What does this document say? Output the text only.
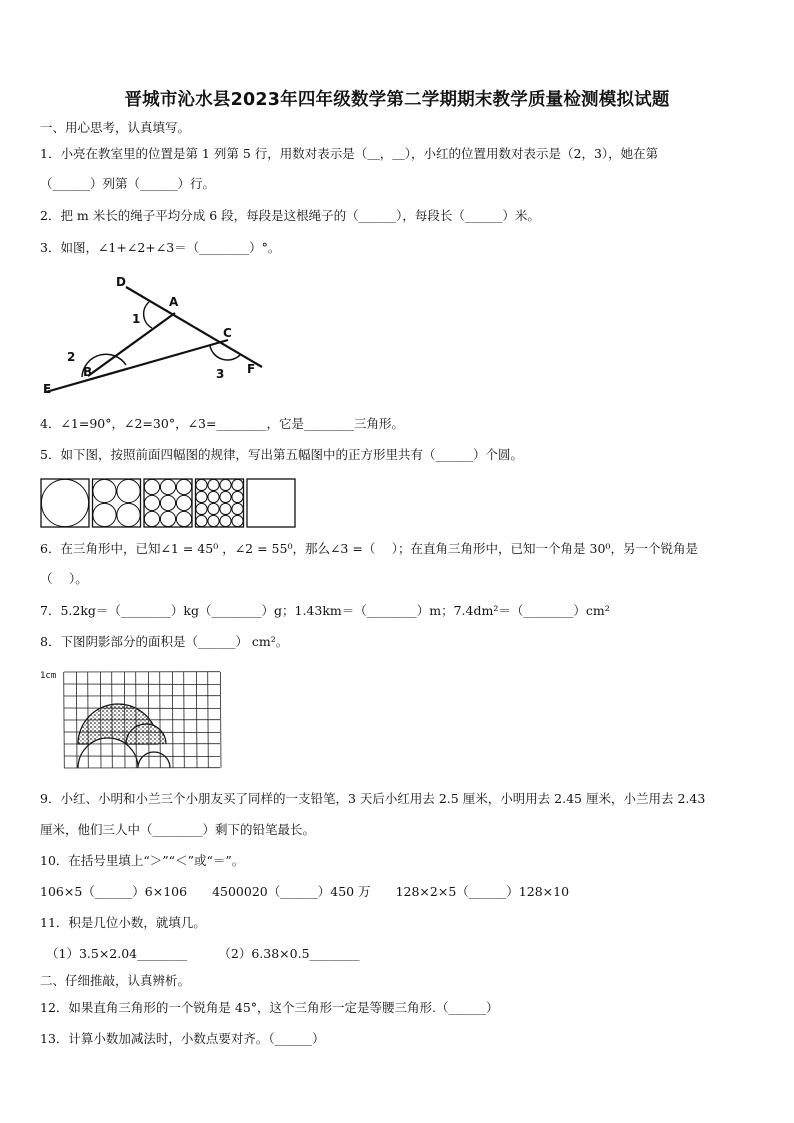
晋城市沁水县2023年四年级数学第二学期期末教学质量检测模拟试题
一、用心思考，认真填写。
1．小亮在教室里的位置是第 1 列第 5 行，用数对表示是（＿，＿），小红的位置用数对表示是（2，3），她在第
（______）列第（______）行。
2．把 m 米长的绳子平均分成 6 段，每段是这根绳子的（______），每段长（______）米。
3．如图，∠1+∠2+∠3＝（________）°。
D
A
1
C
2
B	3
E
F
4．∠1=90°，∠2=30°，∠3=________，它是________三角形。
5．如下图，按照前面四幅图的规律，写出第五幅图中的正方形里共有（______）个圆。
6．在三角形中，已知∠1 = 45⁰ ，∠2 = 55⁰，那么∠3 =（　 ）；在直角三角形中，已知一个角是 30⁰，另一个锐角是
（　 ）。
7．5.2kg＝（________）kg（________）g；1.43km＝（________）m；7.4dm²＝（________）cm²
8．下图阴影部分的面积是（______） cm²。
1cm
9．小红、小明和小兰三个小朋友买了同样的一支铅笔，3 天后小红用去 2.5 厘米，小明用去 2.45 厘米，小兰用去 2.43
厘米，他们三人中（________）剩下的铅笔最长。
10．在括号里填上“＞”“＜”或“＝”。
106×5（______）6×106　　4500020（______）450 万　　128×2×5（______）128×10
11．积是几位小数，就填几。
（1）3.5×2.04________　　　（2）6.38×0.5________
二、仔细推敲，认真辨析。
12．如果直角三角形的一个锐角是 45°，这个三角形一定是等腰三角形.（______）
13．计算小数加减法时，小数点要对齐。（______）
